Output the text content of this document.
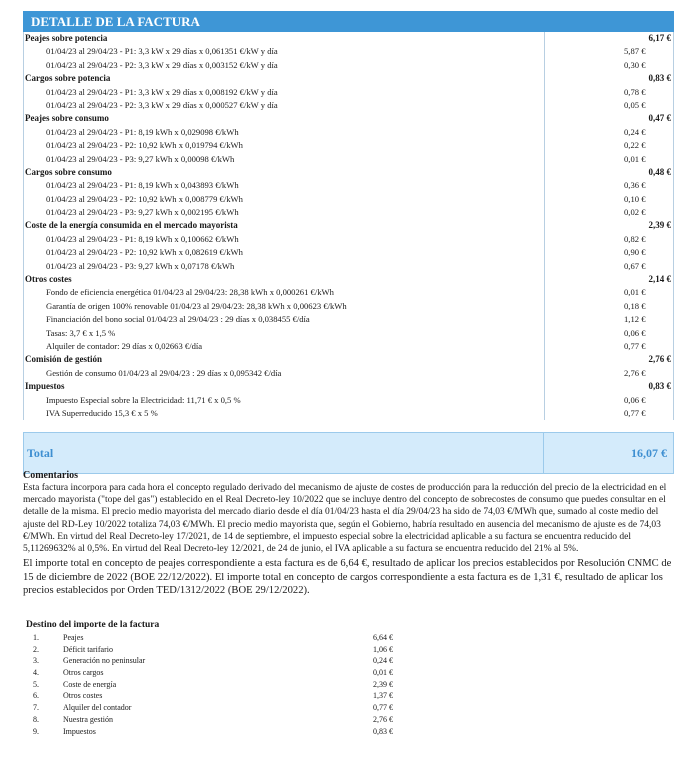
DETALLE DE LA FACTURA
Peajes sobre potencia	6,17 €
01/04/23 al 29/04/23 - P1: 3,3 kW x 29 días x 0,061351 €/kW y día	5,87 €
01/04/23 al 29/04/23 - P2: 3,3 kW x 29 días x 0,003152 €/kW y día	0,30 €
Cargos sobre potencia	0,83 €
01/04/23 al 29/04/23 - P1: 3,3 kW x 29 días x 0,008192 €/kW y día	0,78 €
01/04/23 al 29/04/23 - P2: 3,3 kW x 29 días x 0,000527 €/kW y día	0,05 €
Peajes sobre consumo	0,47 €
01/04/23 al 29/04/23 - P1: 8,19 kWh x 0,029098 €/kWh	0,24 €
01/04/23 al 29/04/23 - P2: 10,92 kWh x 0,019794 €/kWh	0,22 €
01/04/23 al 29/04/23 - P3: 9,27 kWh x 0,00098 €/kWh	0,01 €
Cargos sobre consumo	0,48 €
01/04/23 al 29/04/23 - P1: 8,19 kWh x 0,043893 €/kWh	0,36 €
01/04/23 al 29/04/23 - P2: 10,92 kWh x 0,008779 €/kWh	0,10 €
01/04/23 al 29/04/23 - P3: 9,27 kWh x 0,002195 €/kWh	0,02 €
Coste de la energía consumida en el mercado mayorista	2,39 €
01/04/23 al 29/04/23 - P1: 8,19 kWh x 0,100662 €/kWh	0,82 €
01/04/23 al 29/04/23 - P2: 10,92 kWh x 0,082619 €/kWh	0,90 €
01/04/23 al 29/04/23 - P3: 9,27 kWh x 0,07178 €/kWh	0,67 €
Otros costes	2,14 €
Fondo de eficiencia energética 01/04/23 al 29/04/23: 28,38 kWh x 0,000261 €/kWh	0,01 €
Garantía de origen 100% renovable 01/04/23 al 29/04/23: 28,38 kWh x 0,00623 €/kWh	0,18 €
Financiación del bono social 01/04/23 al 29/04/23 : 29 días x 0,038455 €/día	1,12 €
Tasas: 3,7 € x 1,5 %	0,06 €
Alquiler de contador: 29 días x 0,02663 €/día	0,77 €
Comisión de gestión	2,76 €
Gestión de consumo 01/04/23 al 29/04/23 : 29 días x 0,095342 €/día	2,76 €
Impuestos	0,83 €
Impuesto Especial sobre la Electricidad: 11,71 € x 0,5 %	0,06 €
IVA Superreducido 15,3 € x 5 %	0,77 €
Total	16,07 €
Comentarios
Esta factura incorpora para cada hora el concepto regulado derivado del mecanismo de ajuste de costes de producción para la reducción del precio de la electricidad en el mercado mayorista ("tope del gas") establecido en el Real Decreto-ley 10/2022 que se incluye dentro del concepto de sobrecostes de consumo que puedes consultar en el detalle de la misma. El precio medio mayorista del mercado diario desde el día 01/04/23 hasta el día 29/04/23 ha sido de 74,03 €/MWh que, sumado al coste medio del ajuste del RD-Ley 10/2022 totaliza 74,03 €/MWh. El precio medio mayorista que, según el Gobierno, habría resultado en ausencia del mecanismo de ajuste es de 74,03 €/MWh. En virtud del Real Decreto-ley 17/2021, de 14 de septiembre, el impuesto especial sobre la electricidad aplicable a su factura se encuentra reducido del 5,11269632% al 0,5%. En virtud del Real Decreto-ley 12/2021, de 24 de junio, el IVA aplicable a su factura se encuentra reducido del 21% al 5%.
El importe total en concepto de peajes correspondiente a esta factura es de 6,64 €, resultado de aplicar los precios establecidos por Resolución CNMC de 15 de diciembre de 2022 (BOE 22/12/2022). El importe total en concepto de cargos correspondiente a esta factura es de 1,31 €, resultado de aplicar los precios establecidos por Orden TED/1312/2022 (BOE 29/12/2022).
Destino del importe de la factura
1.	Peajes	6,64 €
2.	Déficit tarifario	1,06 €
3.	Generación no peninsular	0,24 €
4.	Otros cargos	0,01 €
5.	Coste de energía	2,39 €
6.	Otros costes	1,37 €
7.	Alquiler del contador	0,77 €
8.	Nuestra gestión	2,76 €
9.	Impuestos	0,83 €
